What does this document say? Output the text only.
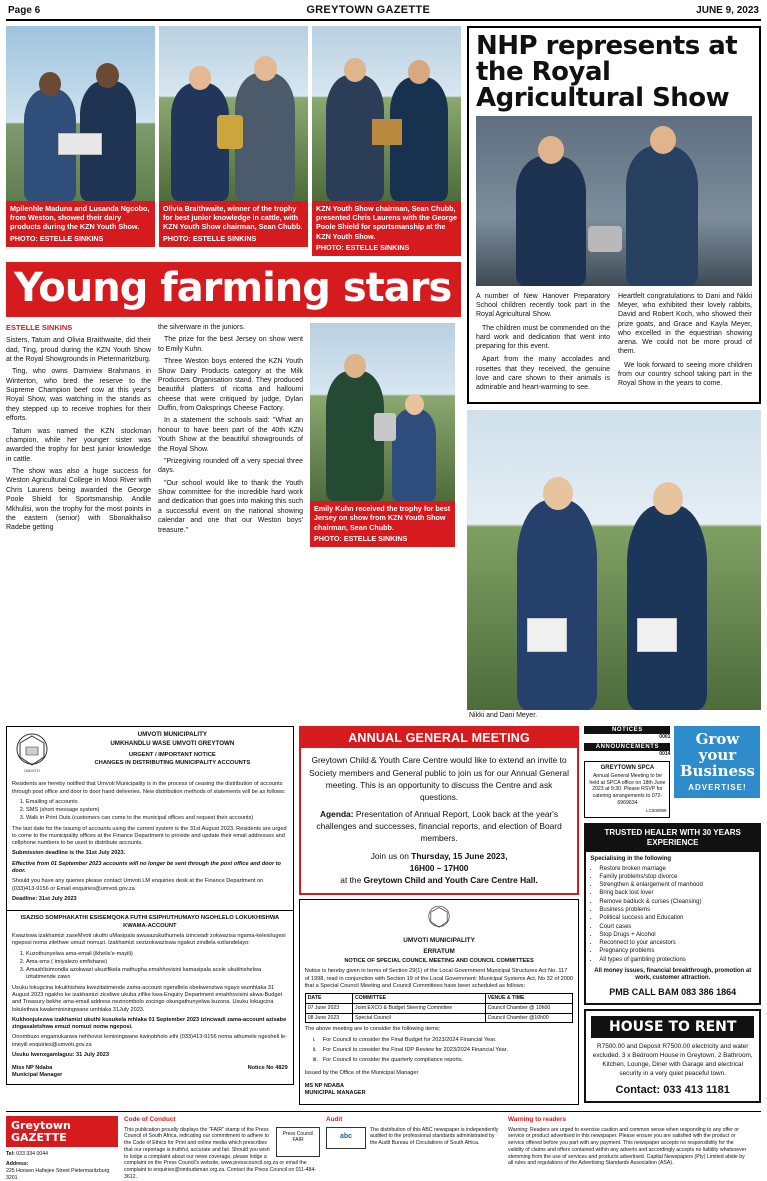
Page 6	GREYTOWN GAZETTE	JUNE 9, 2023
Mpilenhle Maduna and Lusanda Ngcobo, from Weston, showed their dairy products during the KZN Youth Show.
PHOTO: ESTELLE SINKINS
Olivia Braithwaite, winner of the trophy for best junior knowledge in cattle, with KZN Youth Show chairman, Sean Chubb.
PHOTO: ESTELLE SINKINS
KZN Youth Show chairman, Sean Chubb, presented Chris Laurens with the George Poole Shield for sportsmanship at the KZN Youth Show.
PHOTO: ESTELLE SINKINS
Young farming stars
ESTELLE SINKINS

Sisters, Tatum and Olivia Braithwaite, did their dad, Ting, proud during the KZN Youth Show at the Royal Showgrounds in Pietermaritzburg.

Ting, who owns Darnview Brahmans in Winterton, who bred the reserve to the Supreme Champion beef cow at this year's Royal Show, was watching in the stands as they stepped up to receive trophies for their efforts.

Tatum was named the KZN stockman champion, while her younger sister was awarded the trophy for best junior knowledge in cattle.

The show was also a huge success for Weston Agricultural College in Mooi River with Chris Laurens being awarded the George Poole Shield for Sportsmanship. Andile Mkhulisi, won the trophy for the most points in the eastern (senior) with Sbonakhaliso Radebe getting

the silverware in the juniors.

The prize for the best Jersey on show went to Emily Kuhn.

Three Weston boys entered the KZN Youth Show Dairy Products category at the Milk Producers Organisation stand. They produced beautiful platters of ricotta and halloumi cheese that were critiqued by judge, Dylan Duffin, from Oaksprings Cheese Factory.

In a statement the schools said: "What an honour to have been part of the 40th KZN Youth Show at the beautiful showgrounds of the Royal Show.

"Prizegiving rounded off a very special three days.

"Our school would like to thank the Youth Show committee for the incredible hard work and dedication that goes into making this such a successful event on the national showing calendar and one that our Weston boys' treasure."

Emily Kuhn received the trophy for best Jersey on show from KZN Youth Show chairman, Sean Chubb.
PHOTO: ESTELLE SINKINS
NHP represents at the Royal Agricultural Show

A number of New Hanover Preparatory School children recently took part in the Royal Agricultural Show.

The children must be commended on the hard work and dedication that went into preparing for this event.

Apart from the many accolades and rosettes that they received, the genuine love and care shown to their animals is admirable and heart-warming to see.

Heartfelt congratulations to Dani and Nikki Meyer, who exhibited their lovely rabbits, David and Robert Koch, who showed their prize goats, and Grace and Kayla Meyer, who excelled in the equestrian showing arena. We could not be more proud of them.

We look forward to seeing more children from our country school taking part in the Royal Show in the years to come.

Nikki and Dani Meyer.
UMVOTI
UMVOTI MUNICIPALITY
UMKHANDLU WASE UMVOTI GREYTOWN
URGENT / IMPORTANT NOTICE
CHANGES IN DISTRIBUTING MUNICIPALITY ACCOUNTS

Residents are hereby notified that Umvoti Municipality is in the process of ceasing the distribution of accounts through post office and door to door hand deliveries. New distribution methods of statements will be as follows:

1. Emailing of accounts
2. SMS (short message system)
3. Walk in Print Outs (customers can come to the municipal offices and request their accounts)

The last date for the issuing of accounts using the current system is the 31st August 2023. Residents are urged to come to the municipality offices at the Finance Department to provide and update their email addresses and cellphone numbers to be used to distribute accounts.

Submission deadline is the 31st July 2023.

Effective from 01 September 2023 accounts will no longer be sent through the post office and door to door.

Should you have any queries please contact Umvoti LM enquiries desk at the Finance Department on (033)413-9156 or Email enquiries@umvoti.gov.za

Deadline: 31st July 2023

ISAZISO SOMPHAKATHI ESISEMQOKA FUTHI ESIPHUTHUMAYO NGOHLELO LOKUKHISHWA KWAMA-ACCOUNT

Kwaziswa izakhamizi zaseMvoti ukuthi uMasipala awusazukuthumela izincwadi zokwazisa ngama-kelesi/ugesi ngeposi noma zilethwe umuzi nomuzi. Izakhamizi sezizokwaziswa ngalezi zindlela ezilandelayo:

1. Kuzothunyelwa ama-email (ikhelis'e-mayili)
2. Ama-sms ( imiyalezo emfishane)
3. Amashlisimondla azokwazi ukuzifikela mathupha emahhovisini kamasipala acele ukukhishelwa izitatimende zawo

Usuku lokugcina lokukhishwa kwezitatimende zama-account ngendlela obekwenziwa ngayo wumhlaka 31 August 2023 ngakho ke izakhamizi ziceliwe ukuba zifike kwa-Enquiry Department emahhovisini akwa-Budget and Treasury bekhe ama-email address nezinombolo zocingo okungathunyelwa kuzona. Usuku lokugcina lokulethwa kwalemininingwane umhlaka 31July 2023.

Kukhonjulezwa izakhamizi ukuthi kusukela mhlaka 01 September 2023 izincwadi zama-account azisabe zingasaletshwa emuzi nomuzi noma ngeposi.

Onombuzo engamukanwa nehhovisi leminingwane kwinobholo ethi (033)413-9156 noma athumele ngesheli le-imeyili enquiries@umvoti.gov.za

Usuku lwenxgamlaguu: 31 July 2023

Miss NP Ndaba
Municipal Manager
Notice No 4829
ANNUAL GENERAL MEETING
Greytown Child & Youth Care Centre would like to extend an invite to Society members and General public to join us for our Annual General meeting. This is an opportunity to discuss the Centre and ask questions.
Agenda: Presentation of Annual Report, Look back at the year's challenges and successes, financial reports, and election of Board members.
Join us on Thursday, 15 June 2023,
16H00 – 17H00
at the Greytown Child and Youth Care Centre Hall.
UMVOTI MUNICIPALITY
ERRATUM
NOTICE OF SPECIAL COUNCIL MEETING AND COUNCIL COMMITTEES

Notice is hereby given in terms of Section 29(1) of the Local Government Municipal Structures Act No. 117 of 1998, read in conjunction with Section 19 of the Local Government: Municipal Systems Act, No 32 of 2000 that a Special Council Meeting and Council Committees have been scheduled as follows:

DATE	COMMITTEE	VENUE & TIME
07 June 2023	Joint EXCO & Budget Steering Committee	Council Chamber @ 10h00
08 June 2023	Special Council	Council Chamber @10h00

The above meeting are to consider the following items:

i. For Council to consider the Final Budget for 2023/2024 Financial Year.

ii. For Council to consider the Final IDP Review for 2023/2024 Financial Year.

iii. For Council to consider the quarterly compliance reports.

Issued by the Office of the Municipal Manager

MS NP NDABA

MUNICIPAL MANAGER

NOTICES
0001
ANNOUNCEMENTS
0014
GREYTOWN SPCA
Annual General Meeting to be held at SPCA office on 18th June 2023 at 9:30. Please RSVP for catering arrangements to 072-6969634
LC000989
Grow
your
Business
ADVERTISE!
TRUSTED HEALER WITH 30 YEARS EXPERIENCE
Specialising in the following
• Restore broken marriage
• Family problems/stop divorce
• Strengthen & enlargement of manhood
• Bring back lost lover
• Remove badluck & curses (Cleansing)
• Business problems
• Political success and Education
• Court cases
• Stop Drugs + Alcohol
• Reconnect to your ancestors
• Pregnancy problems
• All types of gambling protections
All money issues, financial breakthrough, promotion at work, customer attraction.
PMB CALL BAM 083 386 1864
HOUSE TO RENT

R7500.00 and Deposit R7500.00 electricity and water excluded. 3 x Bedroom House in Greytown, 2 Bathroom, Kitchen, Lounge, Diner with Garage and electrical security in a very quiet peaceful town.

Contact: 033 413 1181
Greytown GAZETTE
Tel: 033 334 0044
Address:
225 Hoosen Hafiejee Street Pietermaritzburg 3201
Code of Conduct
Press Council FAIR
This publication proudly displays the "FAIR" stamp of the Press Council of South Africa, indicating our commitment to adhere to the Code of Ethics for Print and online media which prescribes that our reportage is truthful, accurate and fair. Should you wish to lodge a complaint about our news coverage, please lodge a complaint on the Press Council's website, www.presscouncil.org.za or email the complaint to enquiries@ombudsman.org.za. Contact the Press Council on 011-484-3612.
Audit
abc
The distribution of this ABC newspaper is independently audited to the professional standards administrated by the Audit Bureau of Circulations of South Africa.
Warning to readers
Warning: Readers are urged to exercise caution and common sense when responding to any offer or service or product advertised in this newspaper. Please ensure you are satisfied with the product or service offered before you part with any payment. This newspaper accepts no responsibility for the validity of claims and offers contained within any adverts and accordingly accepts no liability whatsoever stemming from the use of services and products advertised. Capital Newspapers (Pty) Limited abide by all rules and regulations of the Advertising Standards Association (ASA).
